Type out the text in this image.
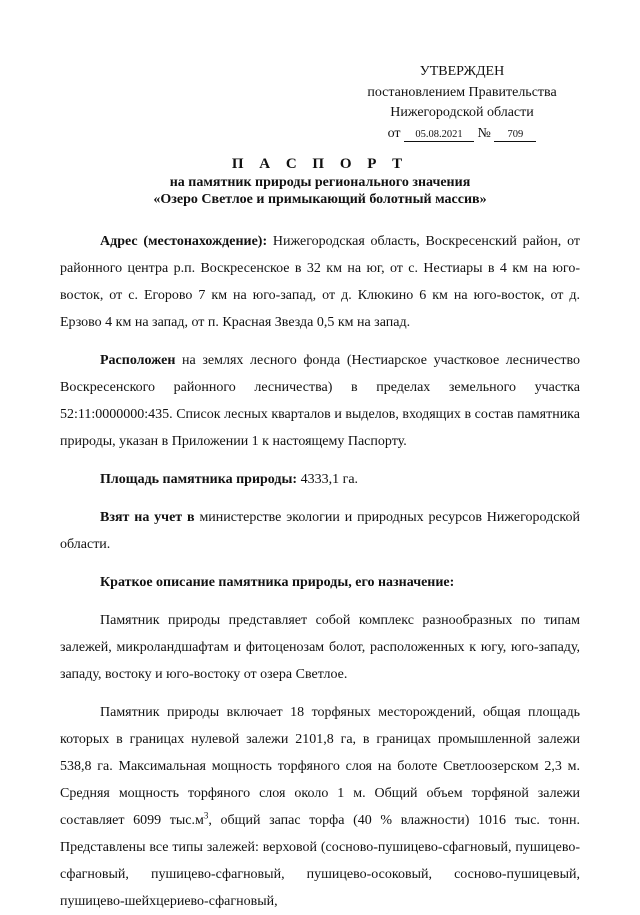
УТВЕРЖДЕН
постановлением Правительства
Нижегородской области
от 05.08.2021 № 709
П А С П О Р Т
на памятник природы регионального значения
«Озеро Светлое и примыкающий болотный массив»

Адрес (местонахождение): Нижегородская область, Воскресенский район, от районного центра р.п. Воскресенское в 32 км на юг, от с. Нестиары в 4 км на юго-восток, от с. Егорово 7 км на юго-запад, от д. Клюкино 6 км на юго-восток, от д. Ерзово 4 км на запад, от п. Красная Звезда 0,5 км на запад.

Расположен на землях лесного фонда (Нестиарское участковое лесничество Воскресенского районного лесничества) в пределах земельного участка 52:11:0000000:435. Список лесных кварталов и выделов, входящих в состав памятника природы, указан в Приложении 1 к настоящему Паспорту.

Площадь памятника природы: 4333,1 га.

Взят на учет в министерстве экологии и природных ресурсов Нижегородской области.

Краткое описание памятника природы, его назначение:

Памятник природы представляет собой комплекс разнообразных по типам залежей, микроландшафтам и фитоценозам болот, расположенных к югу, юго-западу, западу, востоку и юго-востоку от озера Светлое.

Памятник природы включает 18 торфяных месторождений, общая площадь которых в границах нулевой залежи 2101,8 га, в границах промышленной залежи 538,8 га. Максимальная мощность торфяного слоя на болоте Светлоозерском 2,3 м. Средняя мощность торфяного слоя около 1 м. Общий объем торфяной залежи составляет 6099 $тыс.м^3$, общий запас торфа (40 % влажности) 1016 тыс. тонн. Представлены все типы залежей: верховой (сосново-пушицево-сфагновый, пушицево-сфагновый, пушицево-сфагновый, пушицево-осоковый, сосново-пушицевый, пушицево-шейхцериево-сфагновый,
